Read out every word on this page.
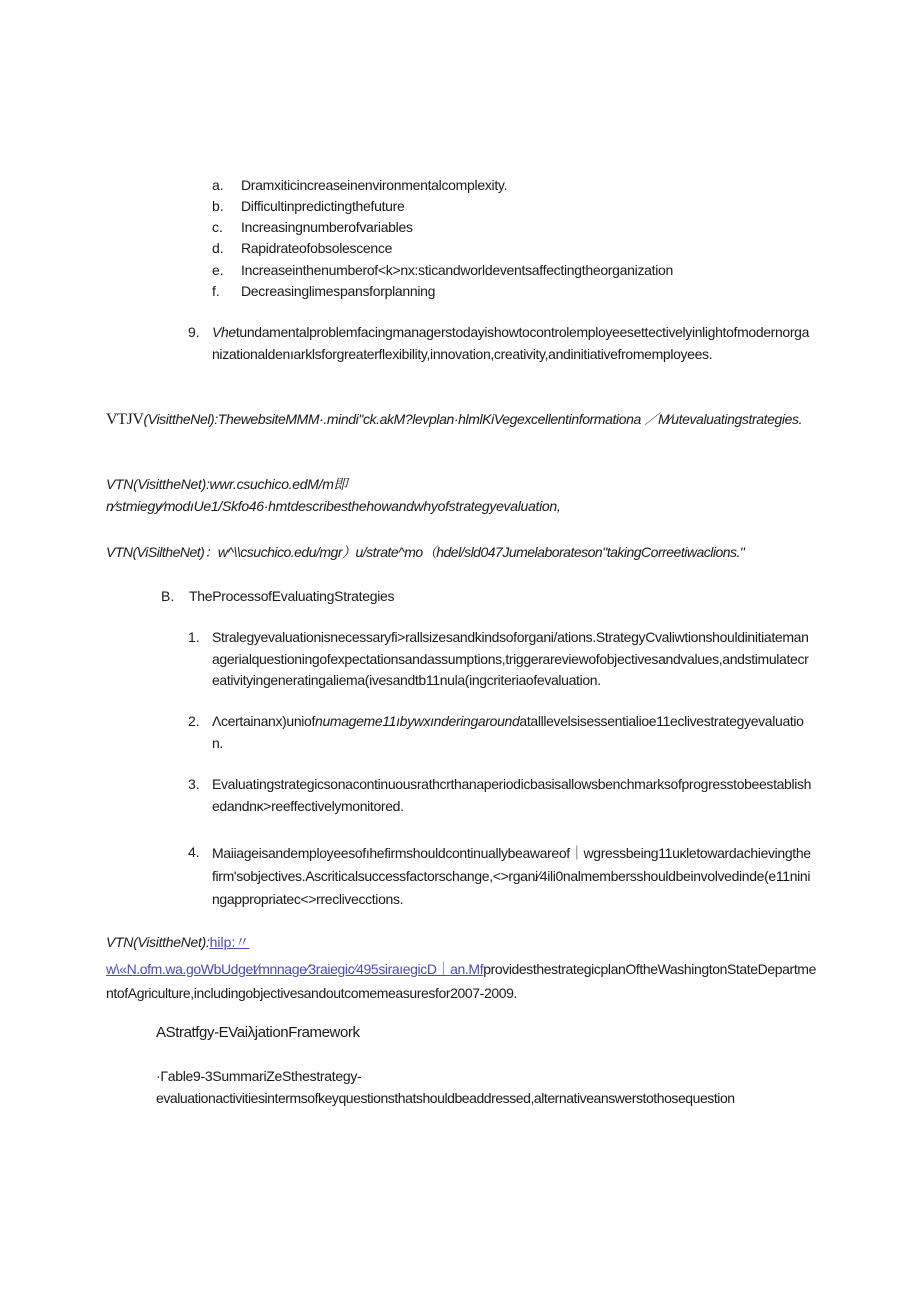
a. Dramxiticincreaseinenvironmentalcomplexity.
b. Difficultinpredictingthefuture
c. Increasingnumberofvariables
d. Rapidrateofobsolescence
e. Increaseinthenumberof<k>nx:sticandworldeventsaffectingtheorganization
f. Decreasinglimespansforplanning
9. Vhetundamentalproblemfacingmanagerstodayishowtocontrolemployeesettectivelyinlightofmodernorganizationaldenıarklsforgreaterflexibility,innovation,creativity,andinitiativefromemployees.
VTJV(VisittheNel):ThewebsiteMMM·.mindi"ck.akM?levplan·hlmlKiVegexcellentinformationa ／M∕utevaluatingstrategies.
VTN(VisittheNet):wwr.csuchico.edM/m即
n∕stmiegy∕modıUe1/Skfo46·hmtdescribesthehowandwhyofstrategyevaluation,
VTN(ViSiltheNet)：w^\\csuchico.edu/mgr）u/strate^mo（hdel/sld047Jumelaborateson"takingCorreetiwaclions."
B. TheProcessofEvaluatingStrategies
1. Stralegyevaluationisnecessaryfi>rallsizesandkindsoforgani/ations.StrategyCvaliwtionshouldinitiatemanagerialquestioningofexpectationsandassumptions,triggerareviewofobjectivesandvalues,andstimulatecreativityingeneratingaliema(ivesandtb11nula(ingcriteriaofevaluation.
2. Λcertainanx)uniofnumageme11ıbywxınderingaroundatalllevelsisessentialioe11eclivestrategyevaluation.
3. Evaluatingstrategicsonacontinuousrathcrthanaperiodicbasisallowsbenchmarksofprogresstobeestablishedandnκ>reeffectivelymonitored.
4. Maiiageisandemployeesofıhefirmshouldcontinuallybeawareof｜wgressbeing11uκletowardachievingthefirm'sobjectives.Ascriticalsuccessfactorschange,<>rgani∕4ili0nalmembersshouldbeinvolvedinde(e11niningappropriatec<>rreclivecctions.
VTN(VisittheNet):hilp:〃
w\«N.ofm.wa.goWbUdget∕mnnage∕3raiegic∕495siraıegicD｜an.MfprovidesthestrategicplanOftheWashingtonStateDepartmentofAgriculture,includingobjectivesandoutcomemeasuresfor2007-2009.
AStratfgy-EVaiλjationFramework
·Γable9-3SummariZeSthestrategy-
evaluationactivitiesintermsofkeyquestionsthatshouldbeaddressed,alternativeanswerstothosequestion
